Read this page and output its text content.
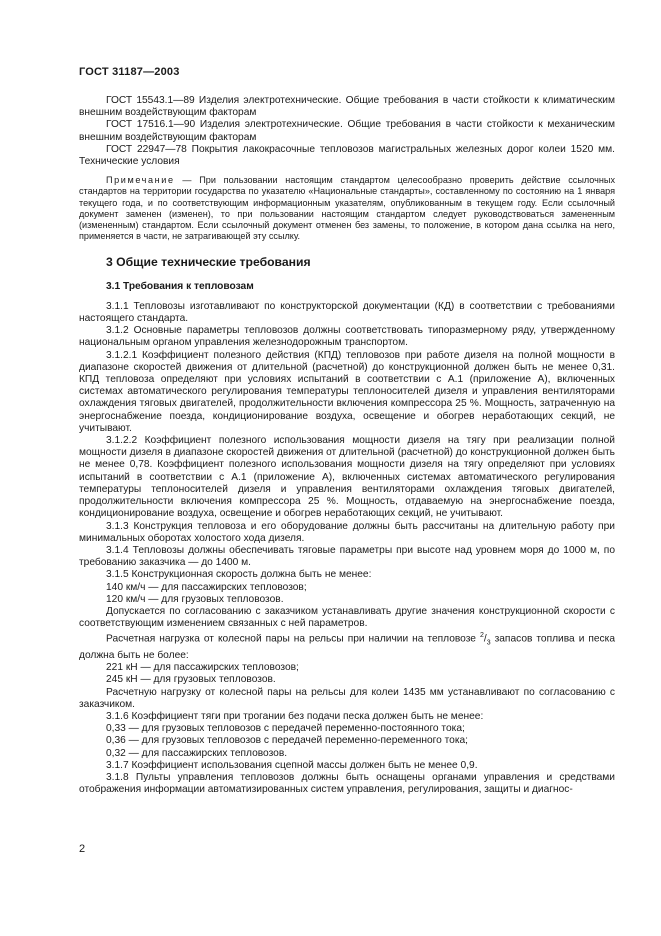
ГОСТ 31187—2003

ГОСТ 15543.1—89 Изделия электротехнические. Общие требования в части стойкости к климатическим внешним воздействующим факторам

ГОСТ 17516.1—90 Изделия электротехнические. Общие требования в части стойкости к механическим внешним воздействующим факторам

ГОСТ 22947—78 Покрытия лакокрасочные тепловозов магистральных железных дорог колеи 1520 мм. Технические условия

Примечание — При пользовании настоящим стандартом целесообразно проверить действие ссылочных стандартов на территории государства по указателю «Национальные стандарты», составленному по состоянию на 1 января текущего года, и по соответствующим информационным указателям, опубликованным в текущем году. Если ссылочный документ заменен (изменен), то при пользовании настоящим стандартом следует руководствоваться замененным (измененным) стандартом. Если ссылочный документ отменен без замены, то положение, в котором дана ссылка на него, применяется в части, не затрагивающей эту ссылку.

3 Общие технические требования

3.1 Требования к тепловозам

3.1.1 Тепловозы изготавливают по конструкторской документации (КД) в соответствии с требованиями настоящего стандарта.

3.1.2 Основные параметры тепловозов должны соответствовать типоразмерному ряду, утвержденному национальным органом управления железнодорожным транспортом.

3.1.2.1 Коэффициент полезного действия (КПД) тепловозов при работе дизеля на полной мощности в диапазоне скоростей движения от длительной (расчетной) до конструкционной должен быть не менее 0,31. КПД тепловоза определяют при условиях испытаний в соответствии с А.1 (приложение А), включенных системах автоматического регулирования температуры теплоносителей дизеля и управления вентиляторами охлаждения тяговых двигателей, продолжительности включения компрессора 25 %. Мощность, затраченную на энергоснабжение поезда, кондиционирование воздуха, освещение и обогрев неработающих секций, не учитывают.

3.1.2.2 Коэффициент полезного использования мощности дизеля на тягу при реализации полной мощности дизеля в диапазоне скоростей движения от длительной (расчетной) до конструкционной должен быть не менее 0,78. Коэффициент полезного использования мощности дизеля на тягу определяют при условиях испытаний в соответствии с А.1 (приложение А), включенных системах автоматического регулирования температуры теплоносителей дизеля и управления вентиляторами охлаждения тяговых двигателей, продолжительности включения компрессора 25 %. Мощность, отдаваемую на энергоснабжение поезда, кондиционирование воздуха, освещение и обогрев неработающих секций, не учитывают.

3.1.3 Конструкция тепловоза и его оборудование должны быть рассчитаны на длительную работу при минимальных оборотах холостого хода дизеля.

3.1.4 Тепловозы должны обеспечивать тяговые параметры при высоте над уровнем моря до 1000 м, по требованию заказчика — до 1400 м.

3.1.5 Конструкционная скорость должна быть не менее:

140 км/ч — для пассажирских тепловозов;

120 км/ч — для грузовых тепловозов.

Допускается по согласованию с заказчиком устанавливать другие значения конструкционной скорости с соответствующим изменением связанных с ней параметров.

Расчетная нагрузка от колесной пары на рельсы при наличии на тепловозе $^2/_3$ запасов топлива и песка должна быть не более:

221 кН — для пассажирских тепловозов;

245 кН — для грузовых тепловозов.

Расчетную нагрузку от колесной пары на рельсы для колеи 1435 мм устанавливают по согласованию с заказчиком.

3.1.6 Коэффициент тяги при трогании без подачи песка должен быть не менее:

0,33 — для грузовых тепловозов с передачей переменно-постоянного тока;

0,36 — для грузовых тепловозов с передачей переменно-переменного тока;

0,32 — для пассажирских тепловозов.

3.1.7 Коэффициент использования сцепной массы должен быть не менее 0,9.

3.1.8 Пульты управления тепловозов должны быть оснащены органами управления и средствами отображения информации автоматизированных систем управления, регулирования, защиты и диагнос-

2
